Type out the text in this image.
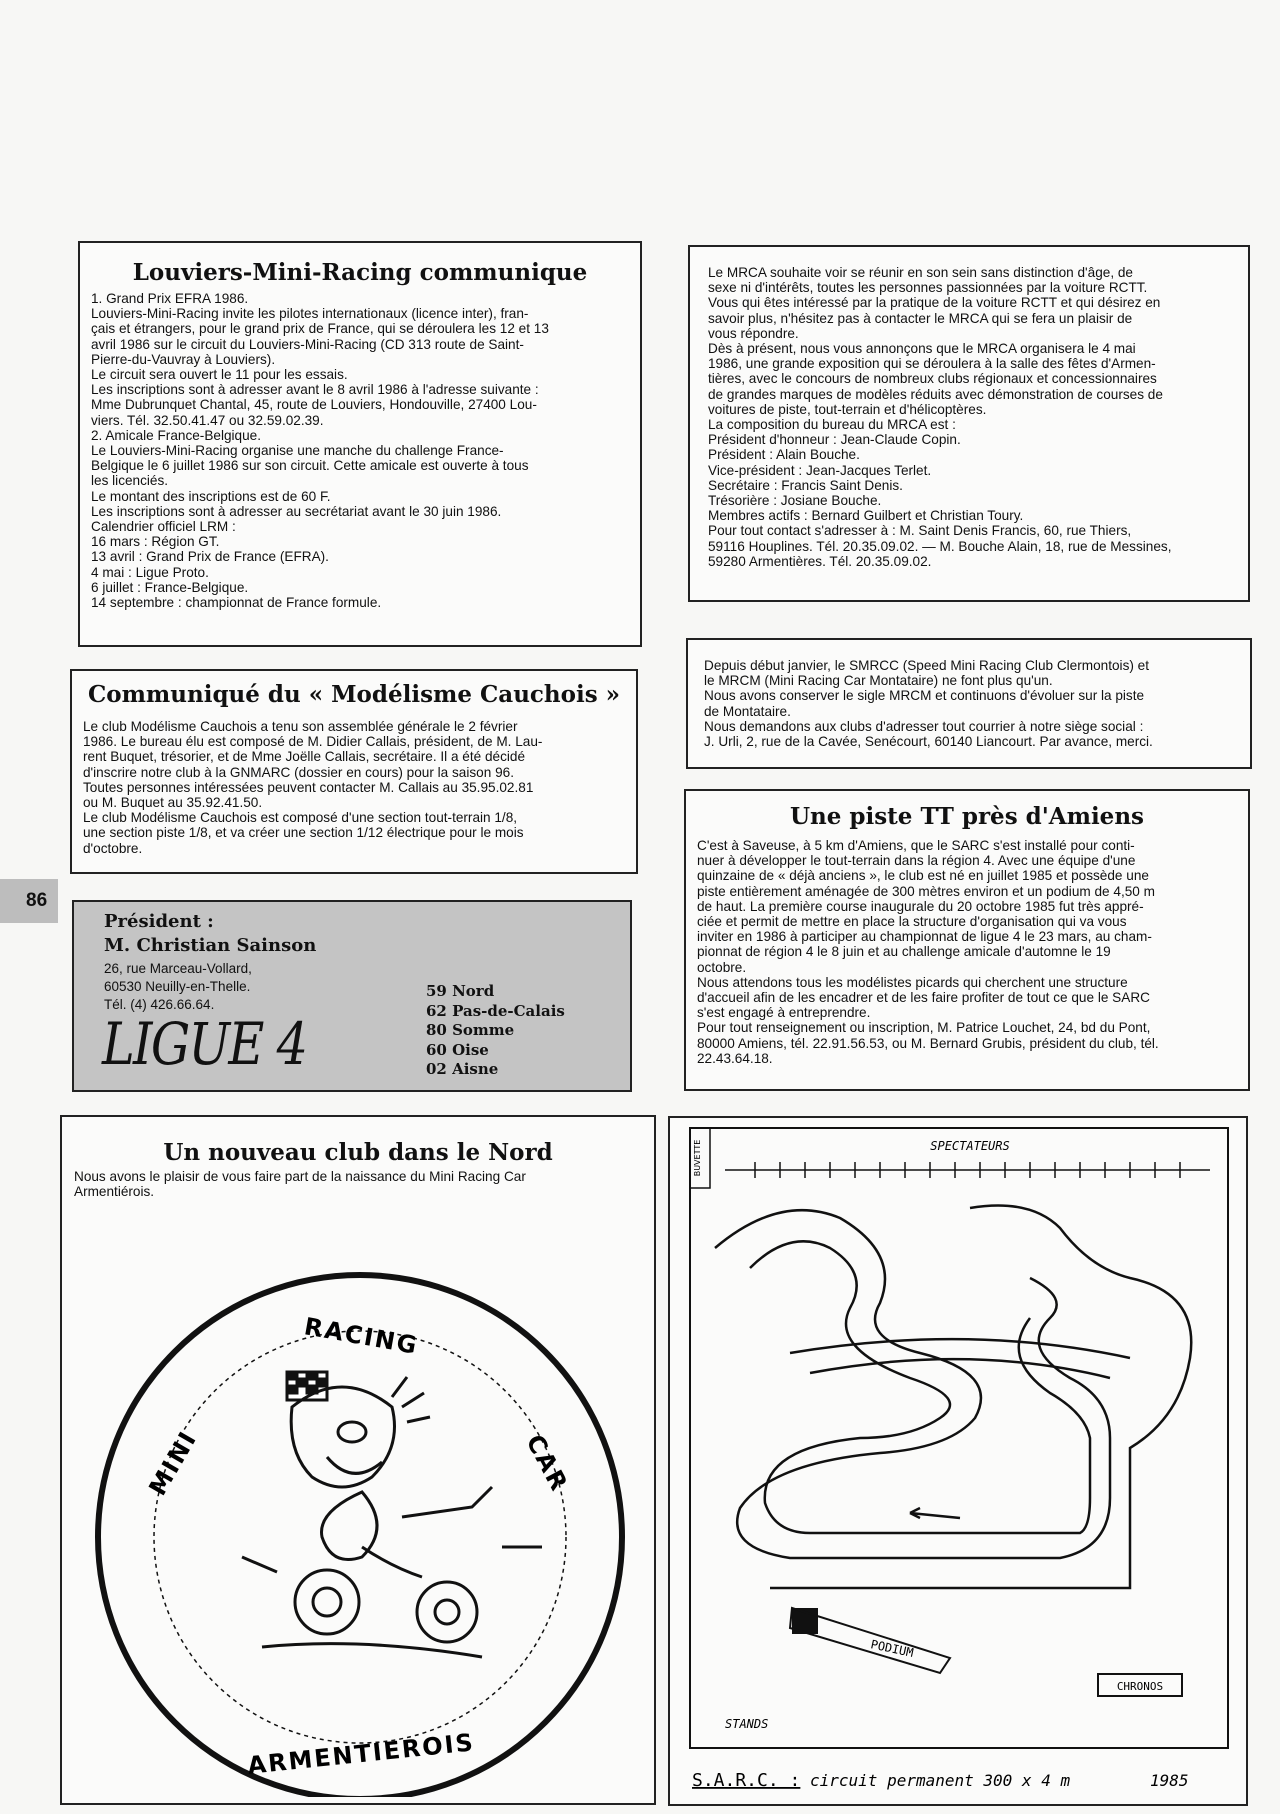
86
Louviers-Mini-Racing communique
1. Grand Prix EFRA 1986.
Louviers-Mini-Racing invite les pilotes internationaux (licence inter), fran-
çais et étrangers, pour le grand prix de France, qui se déroulera les 12 et 13
avril 1986 sur le circuit du Louviers-Mini-Racing (CD 313 route de Saint-
Pierre-du-Vauvray à Louviers).
Le circuit sera ouvert le 11 pour les essais.
Les inscriptions sont à adresser avant le 8 avril 1986 à l'adresse suivante :
Mme Dubrunquet Chantal, 45, route de Louviers, Hondouville, 27400 Lou-
viers. Tél. 32.50.41.47 ou 32.59.02.39.
2. Amicale France-Belgique.
Le Louviers-Mini-Racing organise une manche du challenge France-
Belgique le 6 juillet 1986 sur son circuit. Cette amicale est ouverte à tous
les licenciés.
Le montant des inscriptions est de 60 F.
Les inscriptions sont à adresser au secrétariat avant le 30 juin 1986.
Calendrier officiel LRM :
16 mars : Région GT.
13 avril : Grand Prix de France (EFRA).
4 mai : Ligue Proto.
6 juillet : France-Belgique.
14 septembre : championnat de France formule.
Le MRCA souhaite voir se réunir en son sein sans distinction d'âge, de
sexe ni d'intérêts, toutes les personnes passionnées par la voiture RCTT.
Vous qui êtes intéressé par la pratique de la voiture RCTT et qui désirez en
savoir plus, n'hésitez pas à contacter le MRCA qui se fera un plaisir de
vous répondre.
Dès à présent, nous vous annonçons que le MRCA organisera le 4 mai
1986, une grande exposition qui se déroulera à la salle des fêtes d'Armen-
tières, avec le concours de nombreux clubs régionaux et concessionnaires
de grandes marques de modèles réduits avec démonstration de courses de
voitures de piste, tout-terrain et d'hélicoptères.
La composition du bureau du MRCA est :
Président d'honneur : Jean-Claude Copin.
Président : Alain Bouche.
Vice-président : Jean-Jacques Terlet.
Secrétaire : Francis Saint Denis.
Trésorière : Josiane Bouche.
Membres actifs : Bernard Guilbert et Christian Toury.
Pour tout contact s'adresser à : M. Saint Denis Francis, 60, rue Thiers,
59116 Houplines. Tél. 20.35.09.02. — M. Bouche Alain, 18, rue de Messines,
59280 Armentières. Tél. 20.35.09.02.
Communiqué du « Modélisme Cauchois »
Le club Modélisme Cauchois a tenu son assemblée générale le 2 février
1986. Le bureau élu est composé de M. Didier Callais, président, de M. Lau-
rent Buquet, trésorier, et de Mme Joëlle Callais, secrétaire. Il a été décidé
d'inscrire notre club à la GNMARC (dossier en cours) pour la saison 96.
Toutes personnes intéressées peuvent contacter M. Callais au 35.95.02.81
ou M. Buquet au 35.92.41.50.
Le club Modélisme Cauchois est composé d'une section tout-terrain 1/8,
une section piste 1/8, et va créer une section 1/12 électrique pour le mois
d'octobre.
Depuis début janvier, le SMRCC (Speed Mini Racing Club Clermontois) et
le MRCM (Mini Racing Car Montataire) ne font plus qu'un.
Nous avons conserver le sigle MRCM et continuons d'évoluer sur la piste
de Montataire.
Nous demandons aux clubs d'adresser tout courrier à notre siège social :
J. Urli, 2, rue de la Cavée, Senécourt, 60140 Liancourt. Par avance, merci.
Président :
M. Christian Sainson
26, rue Marceau-Vollard,
60530 Neuilly-en-Thelle.
Tél. (4) 426.66.64.
LIGUE 4
59 Nord
62 Pas-de-Calais
80 Somme
60 Oise
02 Aisne
Une piste TT près d'Amiens
C'est à Saveuse, à 5 km d'Amiens, que le SARC s'est installé pour conti-
nuer à développer le tout-terrain dans la région 4. Avec une équipe d'une
quinzaine de « déjà anciens », le club est né en juillet 1985 et possède une
piste entièrement aménagée de 300 mètres environ et un podium de 4,50 m
de haut. La première course inaugurale du 20 octobre 1985 fut très appré-
ciée et permit de mettre en place la structure d'organisation qui va vous
inviter en 1986 à participer au championnat de ligue 4 le 23 mars, au cham-
pionnat de région 4 le 8 juin et au challenge amicale d'automne le 19
octobre.
Nous attendons tous les modélistes picards qui cherchent une structure
d'accueil afin de les encadrer et de les faire profiter de tout ce que le SARC
s'est engagé à entreprendre.
Pour tout renseignement ou inscription, M. Patrice Louchet, 24, bd du Pont,
80000 Amiens, tél. 22.91.56.53, ou M. Bernard Grubis, président du club, tél.
22.43.64.18.
Un nouveau club dans le Nord
Nous avons le plaisir de vous faire part de la naissance du Mini Racing Car
Armentiérois.
RACING
MINI	CAR
ARMENTIEROIS
BUVETTE	SPECTATEURS
PODIUM
CHRONOS
STANDS
S.A.R.C. : circuit permanent 300 x 4 m	1985
